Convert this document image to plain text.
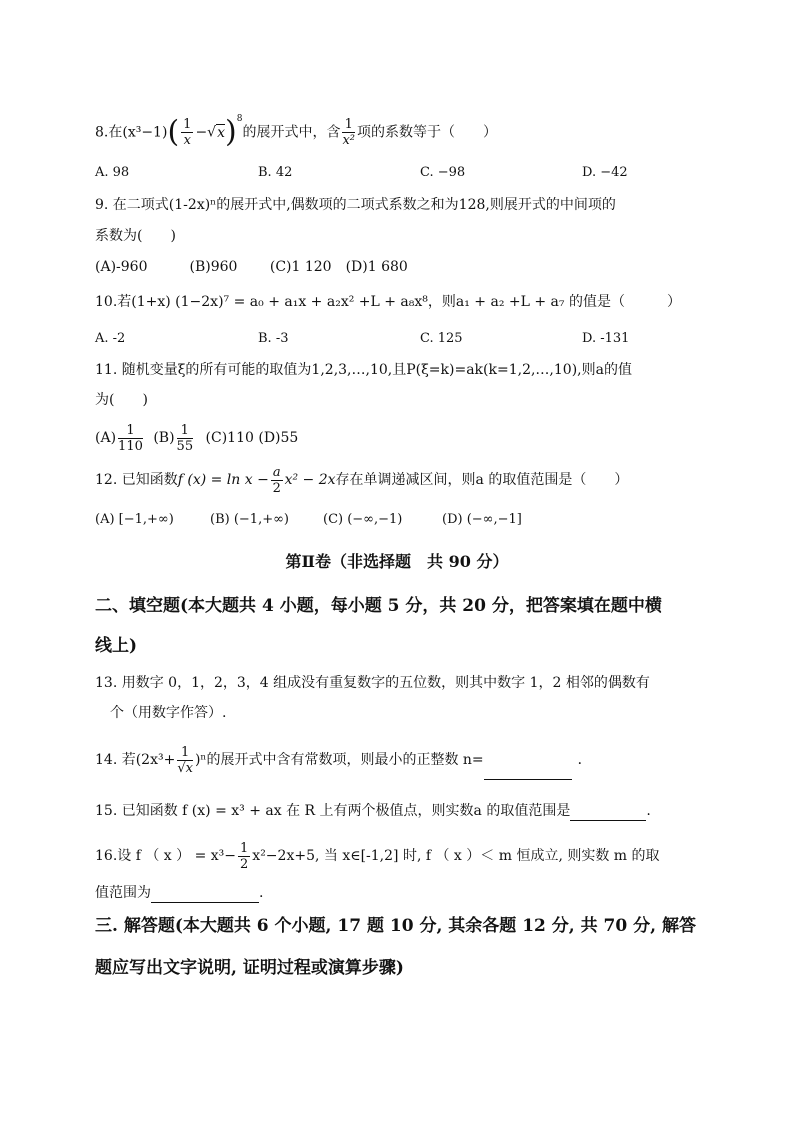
8.在$(x^3-1)( \frac{1}{x} -√x)^8$的展开式中，含 $\frac{1}{\text{x²}}$ 项的系数等于（　　）
A. 98	B. 42	C. −98	D. −42
9. 在二项式(1-2x)ⁿ的展开式中,偶数项的二项式系数之和为128,则展开式的中间项的
系数为(　　)
(A)-960　　　(B)960　　 (C)1 120　(D)1 680
10.若(1+x) (1−2x)⁷ = a₀ + a₁x + a₂x² +L + a₈x⁸，则a₁ + a₂ +L + a₇ 的值是（　　　）
A. -2	B. -3	C. 125	D. -131
11. 随机变量ξ的所有可能的取值为1,2,3,…,10,且P(ξ=k)=ak(k=1,2,…,10),则a的值
为(　　)
$(A) \frac{1}{110} (B) \frac{1}{55} (C)110$ (D)55
12. 已知函数f $(x) = \ln x - \frac{a}{2} x^2 - 2x$存在单调递减区间，则a 的取值范围是（　　）
(A) [−1,+∞)	(B) (−1,+∞)	(C) (−∞,−1)	(D) (−∞,−1]
第Ⅱ卷（非选择题　共 90 分）
二、填空题(本大题共 4 小题，每小题 5 分，共 20 分，把答案填在题中横
线上)
13. 用数字 0，1，2，3，4 组成没有重复数字的五位数，则其中数字 1，2 相邻的偶数有
个（用数字作答）.
14. 若$(2x^3+ \frac{1}{√x} )^n$的展开式中含有常数项，则最小的正整数 n=	．
15. 已知函数 f (x) = x³ + ax 在 R 上有两个极值点，则实数a 的取值范围是	.
16.设 f （ x ） = $x^3- \frac{1}{2} x^2-2x+5$, 当 x∈[-1,2] 时, f （ x ）＜ m 恒成立, 则实数 m 的取
值范围为	.
三. 解答题(本大题共 6 个小题, 17 题 10 分, 其余各题 12 分, 共 70 分, 解答
题应写出文字说明, 证明过程或演算步骤)
